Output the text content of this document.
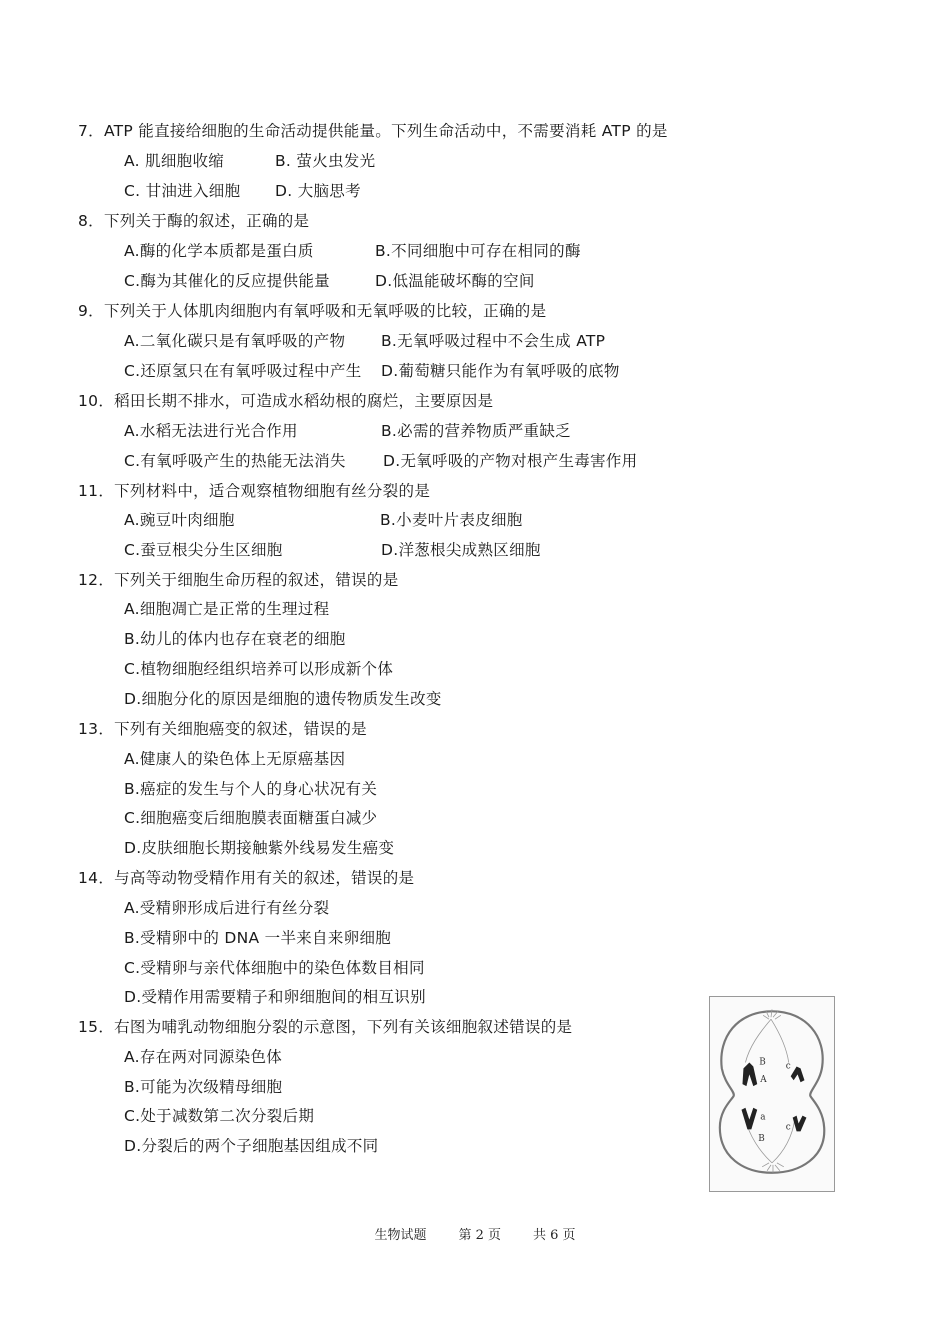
7．ATP 能直接给细胞的生命活动提供能量。下列生命活动中，不需要消耗 ATP 的是
A. 肌细胞收缩	B. 萤火虫发光
C. 甘油进入细胞 D. 大脑思考
8．下列关于酶的叙述，正确的是
A.酶的化学本质都是蛋白质	B.不同细胞中可存在相同的酶
C.酶为其催化的反应提供能量	D.低温能破坏酶的空间
9．下列关于人体肌肉细胞内有氧呼吸和无氧呼吸的比较，正确的是
A.二氧化碳只是有氧呼吸的产物 B.无氧呼吸过程中不会生成 ATP
C.还原氢只在有氧呼吸过程中产生 D.葡萄糖只能作为有氧呼吸的底物
10．稻田长期不排水，可造成水稻幼根的腐烂，主要原因是
A.水稻无法进行光合作用	B.必需的营养物质严重缺乏
C.有氧呼吸产生的热能无法消失 D.无氧呼吸的产物对根产生毒害作用
11．下列材料中，适合观察植物细胞有丝分裂的是
A.豌豆叶肉细胞	B.小麦叶片表皮细胞
C.蚕豆根尖分生区细胞	D.洋葱根尖成熟区细胞
12．下列关于细胞生命历程的叙述，错误的是
A.细胞凋亡是正常的生理过程
B.幼儿的体内也存在衰老的细胞
C.植物细胞经组织培养可以形成新个体
D.细胞分化的原因是细胞的遗传物质发生改变
13．下列有关细胞癌变的叙述，错误的是
A.健康人的染色体上无原癌基因
B.癌症的发生与个人的身心状况有关
C.细胞癌变后细胞膜表面糖蛋白减少
D.皮肤细胞长期接触紫外线易发生癌变
14．与高等动物受精作用有关的叙述，错误的是
A.受精卵形成后进行有丝分裂
B.受精卵中的 DNA 一半来自来卵细胞
C.受精卵与亲代体细胞中的染色体数目相同
D.受精作用需要精子和卵细胞间的相互识别
15．右图为哺乳动物细胞分裂的示意图，下列有关该细胞叙述错误的是
A.存在两对同源染色体
B.可能为次级精母细胞
C.处于减数第二次分裂后期
D.分裂后的两个子细胞基因组成不同
B
A
c
a
B
c
生物试题 第 2 页 共 6 页
